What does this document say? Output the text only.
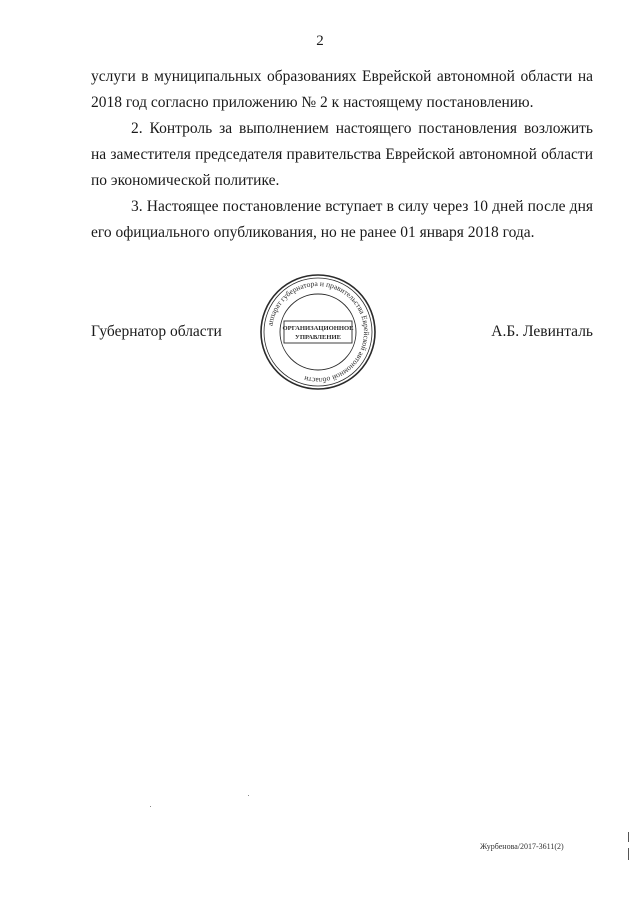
2

услуги в муниципальных образованиях Еврейской автономной области на 2018 год согласно приложению № 2 к настоящему постановлению.

2. Контроль за выполнением настоящего постановления возложить на заместителя председателя правительства Еврейской автономной области по экономической политике.

3. Настоящее постановление вступает в силу через 10 дней после дня его официального опубликования, но не ранее 01 января 2018 года.

Губернатор области	А.Б. Левинталь
аппарат губернатора и правительства Еврейской автономной области
ОРГАНИЗАЦИОННОЕ
УПРАВЛЕНИЕ
Журбенова/2017-3611(2)
